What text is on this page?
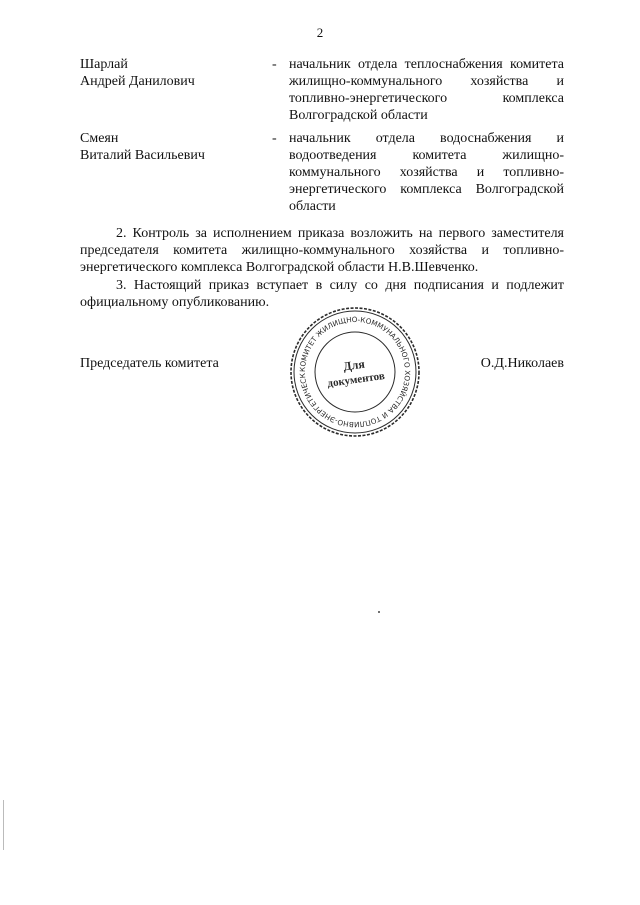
2
Шарлай
Андрей Данилович
- начальник отдела теплоснабжения комитета жилищно-коммунального хозяйства и топливно-энергетического комплекса Волгоградской области
Смеян
Виталий Васильевич
- начальник отдела водоснабжения и водоотведения комитета жилищно-коммунального хозяйства и топливно-энергетического комплекса Волгоградской области
2. Контроль за исполнением приказа возложить на первого заместителя председателя комитета жилищно-коммунального хозяйства и топливно-энергетического комплекса Волгоградской области Н.В.Шевченко.
3. Настоящий приказ вступает в силу со дня подписания и подлежит официальному опубликованию.
Председатель комитета	О.Д.Николаев
КОМИТЕТ ЖИЛИЩНО-КОММУНАЛЬНОГО ХОЗЯЙСТВА И ТОПЛИВНО-ЭНЕРГЕТИЧЕСК
Для
документов
